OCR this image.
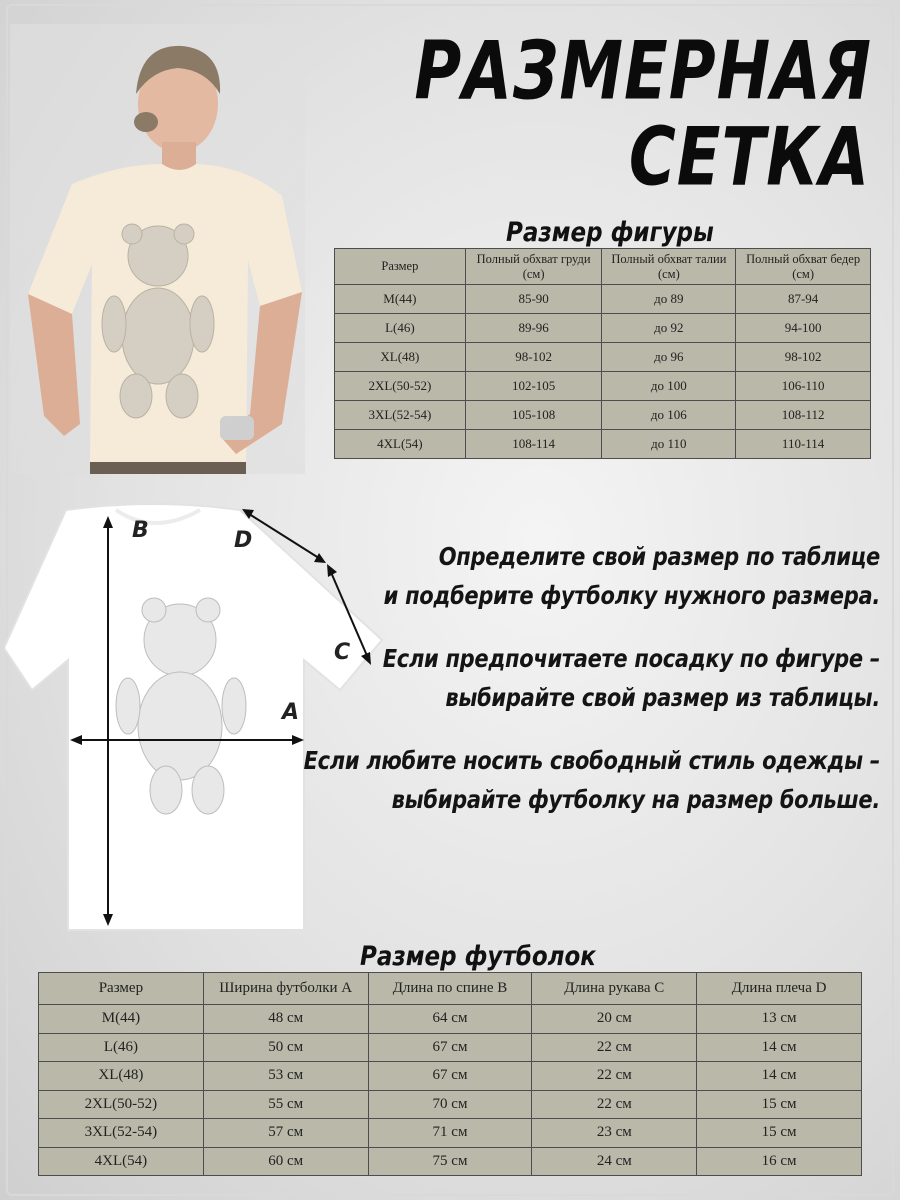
РАЗМЕРНАЯ
СЕТКА
Размер фигуры
Размер	Полный обхват груди (см)	Полный обхват талии (см)	Полный обхват бедер (см)
M(44)	85-90	до 89	87-94
L(46)	89-96	до 92	94-100
XL(48)	98-102	до 96	98-102
2XL(50-52)	102-105	до 100	106-110
3XL(52-54)	105-108	до 106	108-112
4XL(54)	108-114	до 110	110-114
B	D
C
A
Определите свой размер по таблице
и подберите футболку нужного размера.
Если предпочитаете посадку по фигуре –
выбирайте свой размер из таблицы.
Если любите носить свободный стиль одежды –
выбирайте футболку на размер больше.
Размер футболок
Размер	Ширина футболки A	Длина по спине B	Длина рукава C	Длина плеча D
M(44)	48 см	64 см	20 см	13 см
L(46)	50 см	67 см	22 см	14 см
XL(48)	53 см	67 см	22 см	14 см
2XL(50-52)	55 см	70 см	22 см	15 см
3XL(52-54)	57 см	71 см	23 см	15 см
4XL(54)	60 см	75 см	24 см	16 см
